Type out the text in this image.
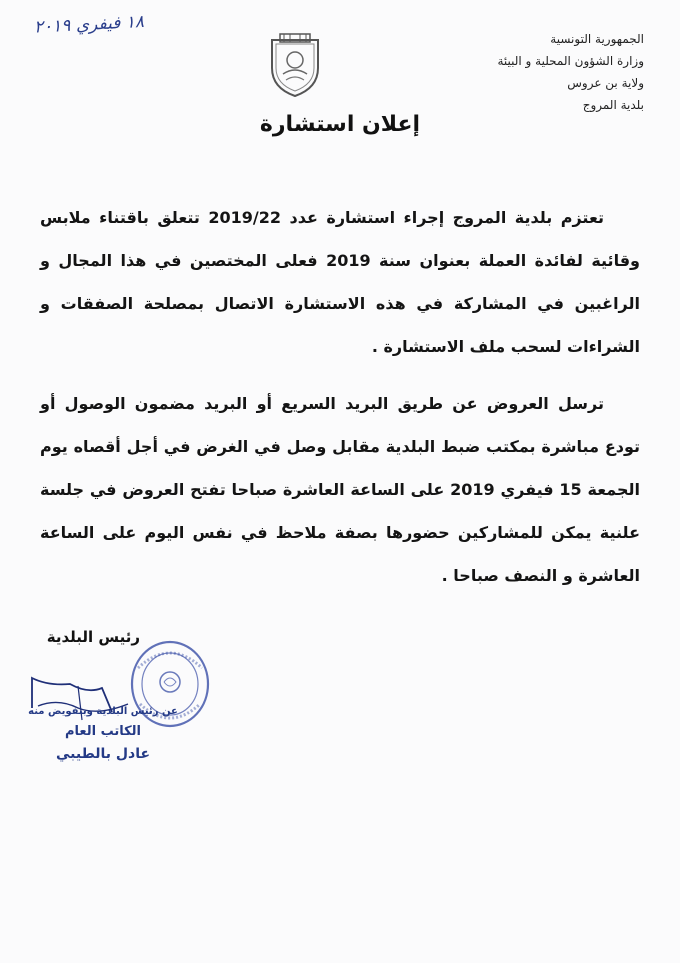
الجمهورية التونسية
وزارة الشؤون المحلية و البيئة
ولاية بن عروس
بلدية المروج
١٨ فيفري ٢٠١٩
إعلان استشارة
تعتزم بلدية المروج إجراء استشارة عدد 2019/22 تتعلق باقتناء ملابس وقائية لفائدة العملة بعنوان سنة 2019 فعلى المختصين في هذا المجال و الراغبين في المشاركة في هذه الاستشارة الاتصال بمصلحة الصفقات و الشراءات لسحب ملف الاستشارة .
ترسل العروض عن طريق البريد السريع أو البريد مضمون الوصول أو تودع مباشرة بمكتب ضبط البلدية مقابل وصل في الغرض في أجل أقصاه يوم الجمعة 15 فيفري 2019 على الساعة العاشرة صباحا تفتح العروض في جلسة علنية يمكن للمشاركين حضورها بصفة ملاحظ في نفس اليوم على الساعة العاشرة و النصف صباحا .
رئيس البلدية
عن رئيس البلدية وبتفويض منه
الكاتب العام
عادل بالطيبي
